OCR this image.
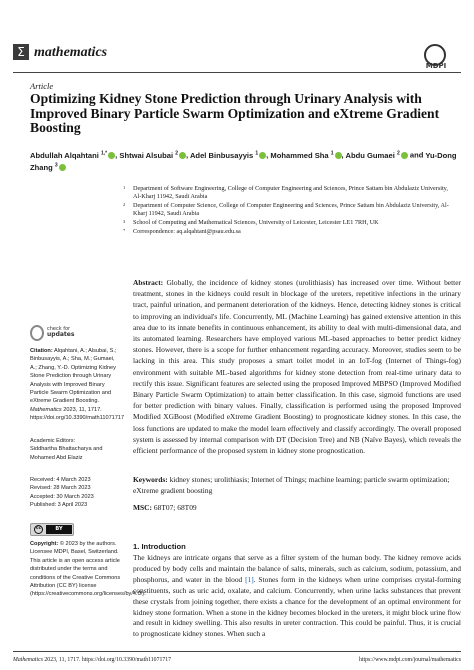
Σ mathematics
MDPI
Article
Optimizing Kidney Stone Prediction through Urinary Analysis with Improved Binary Particle Swarm Optimization and eXtreme Gradient Boosting
Abdullah Alqahtani $^{1,*}$ , Shtwai Alsubai $^2$ , Adel Binbusayyis $^1$ , Mohammed Sha $^1$ , Abdu Gumaei $^2$ and Yu-Dong Zhang $^3$
1 Department of Software Engineering, College of Computer Engineering and Sciences, Prince Sattam bin Abdulaziz University, Al-Kharj 11942, Saudi Arabia
2 Department of Computer Science, College of Computer Engineering and Sciences, Prince Sattam bin Abdulaziz University, Al-Kharj 11942, Saudi Arabia
3 School of Computing and Mathematical Sciences, University of Leicester, Leicester LE1 7RH, UK
* Correspondence: aq.alqahtani@psau.edu.sa
Abstract: Globally, the incidence of kidney stones (urolithiasis) has increased over time. Without better treatment, stones in the kidneys could result in blockage of the ureters, repetitive infections in the urinary tract, painful urination, and permanent deterioration of the kidneys. Hence, detecting kidney stones is critical to improving an individual's life. Concurrently, ML (Machine Learning) has gained extensive attention in this area due to its innate benefits in continuous enhancement, its ability to deal with multi-dimensional data, and its automated learning. Researchers have employed various ML-based approaches to better predict kidney stones. However, there is a scope for further enhancement regarding accuracy. Moreover, studies seem to be lacking in this area. This study proposes a smart toilet model in an IoT-fog (Internet of Things-fog) environment with suitable ML-based algorithms for kidney stone detection from real-time urinary data to rectify this issue. Significant features are selected using the proposed Improved MBPSO (Improved Modified Binary Particle Swarm Optimization) to attain better classification. In this case, sigmoid functions are used for better prediction with binary values. Finally, classification is performed using the proposed Improved Modified XGBoost (Modified eXtreme Gradient Boosting) to prognosticate kidney stones. In this case, the loss functions are updated to make the model learn effectively and classify accordingly. The overall proposed system is assessed by internal comparison with DT (Decision Tree) and NB (Naïve Bayes), which reveals the efficient performance of the proposed system in kidney stone prognostication.
Keywords: kidney stones; urolithiasis; Internet of Things; machine learning; particle swarm optimization; eXtreme gradient boosting
MSC: 68T07; 68T09
check for
updates
Citation: Alqahtani, A.; Alsubai, S.; Binbusayyis, A.; Sha, M.; Gumaei, A.; Zhang, Y.-D. Optimizing Kidney Stone Prediction through Urinary Analysis with Improved Binary Particle Swarm Optimization and eXtreme Gradient Boosting. Mathematics 2023, 11, 1717. https://doi.org/10.3390/math11071717
Academic Editors:
Siddhartha Bhattacharya and Mohamed Abd Elaziz
Received: 4 March 2023
Revised: 28 March 2023
Accepted: 30 March 2023
Published: 3 April 2023
cc	BY
Copyright: © 2023 by the authors. Licensee MDPI, Basel, Switzerland. This article is an open access article distributed under the terms and conditions of the Creative Commons Attribution (CC BY) license (https://creativecommons.org/licenses/by/4.0/).
1. Introduction
The kidneys are intricate organs that serve as a filter system of the human body. The kidney remove acids produced by body cells and maintain the balance of salts, minerals, such as calcium, sodium, potassium, and phosphorus, and water in the blood [1]. Stones form in the kidneys when urine comprises crystal-forming constituents, such as uric acid, oxalate, and calcium. Concurrently, when urine lacks substances that prevent these crystals from joining together, there exists a chance for the development of an optimal environment for kidney stone formation. When a stone in the kidney becomes blocked in the ureters, it might block urine flow and result in kidney swelling. This also results in ureter contraction. This could be painful. Thus, it is crucial to prognosticate kidney stones. When such a
Mathematics 2023, 11, 1717. https://doi.org/10.3390/math11071717	https://www.mdpi.com/journal/mathematics
